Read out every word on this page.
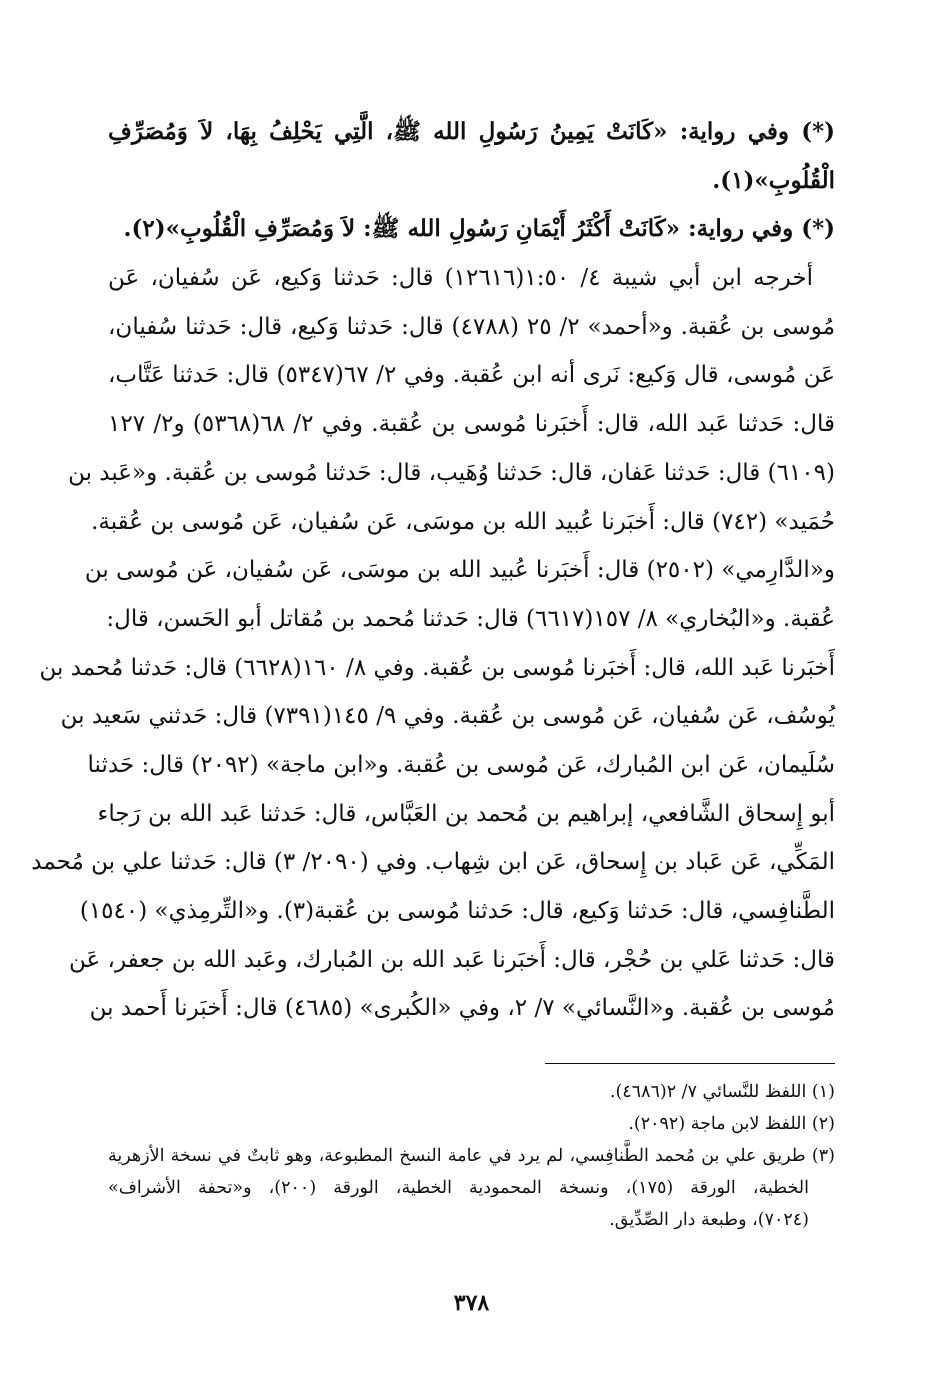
(*) وفي رواية: «كَانَتْ يَمِينُ رَسُولِ الله ﷺ، الَّتِي يَحْلِفُ بِهَا، لاَ وَمُصَرِّفِ
الْقُلُوبِ»(١).
(*) وفي رواية: «كَانَتْ أَكْثَرُ أَيْمَانِ رَسُولِ الله ﷺ: لاَ وَمُصَرِّفِ الْقُلُوبِ»(٢).
أخرجه ابن أبي شيبة ٤/ ١:٥٠(١٢٦١٦) قال: حَدثنا وَكيع، عَن سُفيان، عَن
مُوسى بن عُقبة. و«أحمد» ٢/ ٢٥ (٤٧٨٨) قال: حَدثنا وَكيع، قال: حَدثنا سُفيان،
عَن مُوسى، قال وَكيع: نَرى أنه ابن عُقبة. وفي ٢/ ٦٧(٥٣٤٧) قال: حَدثنا عَتَّاب،
قال: حَدثنا عَبد الله، قال: أَخبَرنا مُوسى بن عُقبة. وفي ٢/ ٦٨(٥٣٦٨) و٢/ ١٢٧
(٦١٠٩) قال: حَدثنا عَفان، قال: حَدثنا وُهَيب، قال: حَدثنا مُوسى بن عُقبة. و«عَبد بن
حُمَيد» (٧٤٢) قال: أَخبَرنا عُبيد الله بن موسَى، عَن سُفيان، عَن مُوسى بن عُقبة.
و«الدَّارِمي» (٢٥٠٢) قال: أَخبَرنا عُبيد الله بن موسَى، عَن سُفيان، عَن مُوسى بن
عُقبة. و«البُخاري» ٨/ ١٥٧(٦٦١٧) قال: حَدثنا مُحمد بن مُقاتل أبو الحَسن، قال:
أَخبَرنا عَبد الله، قال: أَخبَرنا مُوسى بن عُقبة. وفي ٨/ ١٦٠(٦٦٢٨) قال: حَدثنا مُحمد بن
يُوسُف، عَن سُفيان، عَن مُوسى بن عُقبة. وفي ٩/ ١٤٥(٧٣٩١) قال: حَدثني سَعيد بن
سُلَيمان، عَن ابن المُبارك، عَن مُوسى بن عُقبة. و«ابن ماجة» (٢٠٩٢) قال: حَدثنا
أبو إِسحاق الشَّافعي، إبراهيم بن مُحمد بن العَبَّاس، قال: حَدثنا عَبد الله بن رَجاء
المَكِّي، عَن عَباد بن إِسحاق، عَن ابن شِهاب. وفي (٢٠٩٠/ ٣) قال: حَدثنا علي بن مُحمد
الطَّنافِسي، قال: حَدثنا وَكيع، قال: حَدثنا مُوسى بن عُقبة(٣). و«التِّرمِذي» (١٥٤٠)
قال: حَدثنا عَلي بن حُجْر، قال: أَخبَرنا عَبد الله بن المُبارك، وعَبد الله بن جعفر، عَن
مُوسى بن عُقبة. و«النَّسائي» ٧/ ٢، وفي «الكُبرى» (٤٦٨٥) قال: أَخبَرنا أَحمد بن
(١) اللفظ للنَّسائي ٧/ ٢(٤٦٨٦).
(٢) اللفظ لابن ماجة (٢٠٩٢).
(٣) طريق علي بن مُحمد الطَّنافِسي، لم يرد في عامة النسخ المطبوعة، وهو ثابتٌ في نسخة الأزهرية
الخطية، الورقة (١٧٥)، ونسخة المحمودية الخطية، الورقة (٢٠٠)، و«تحفة الأشراف»
(٧٠٢٤)، وطبعة دار الصِّدِّيق.
٣٧٨
